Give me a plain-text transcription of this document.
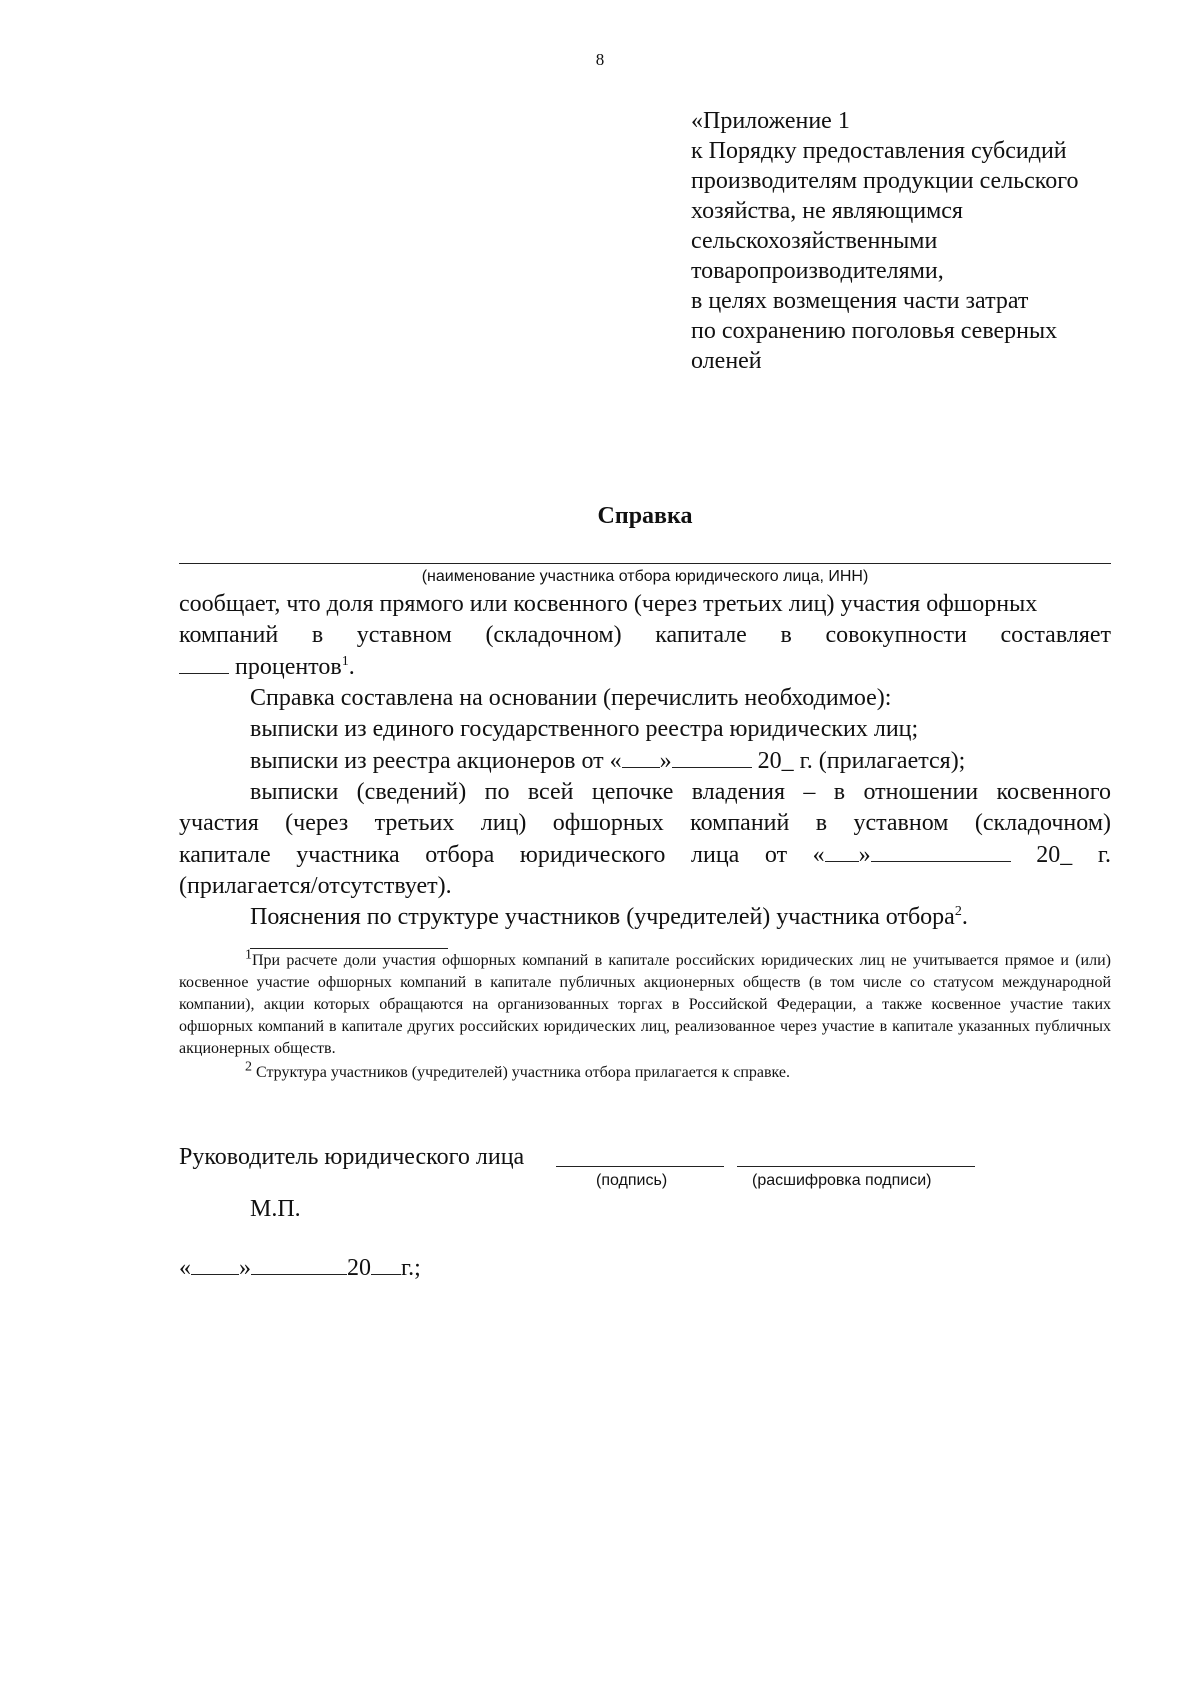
8
«Приложение 1
к Порядку предоставления субсидий
производителям продукции сельского
хозяйства, не являющимся
сельскохозяйственными
товаропроизводителями,
в целях возмещения части затрат
по сохранению поголовья северных
оленей
Справка
(наименование участника отбора юридического лица, ИНН)

сообщает, что доля прямого или косвенного (через третьих лиц) участия офшорных

компаний в уставном (складочном) капитале в совокупности составляет

процентов$^1$.

Справка составлена на основании (перечислить необходимое):

выписки из единого государственного реестра юридических лиц;

выписки из реестра акционеров от « »	20_ г. (прилагается);

выписки (сведений) по всей цепочке владения – в отношении косвенного

участия (через третьих лиц) офшорных компаний в уставном (складочном)

капитале участника отбора юридического лица от « »	20_ г.

(прилагается/отсутствует).

Пояснения по структуре участников (учредителей) участника отбора$^2$.

$^1$При расчете доли участия офшорных компаний в капитале российских юридических лиц не учитывается прямое и (или) косвенное участие офшорных компаний в капитале публичных акционерных обществ (в том числе со статусом международной компании), акции которых обращаются на организованных торгах в Российской Федерации, а также косвенное участие таких офшорных компаний в капитале других российских юридических лиц, реализованное через участие в капитале указанных публичных акционерных обществ.

$^2$ Структура участников (учредителей) участника отбора прилагается к справке.

Руководитель юридического лица
(подпись)	(расшифровка подписи)
М.П.
« »	20 г.;
